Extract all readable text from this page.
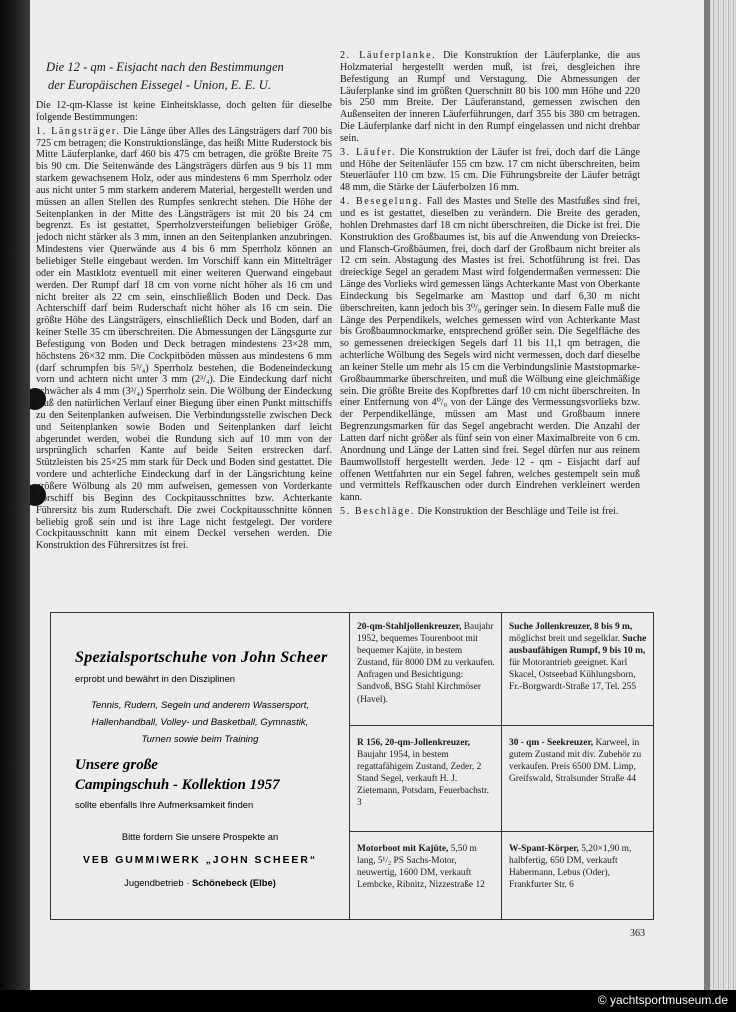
Die 12 - qm - Eisjacht nach den Bestimmungen
der Europäischen Eissegel - Union, E. E. U.

Die 12-qm-Klasse ist keine Einheitsklasse, doch gelten für dieselbe folgende Bestimmungen:

1. Längsträger. Die Länge über Alles des Längsträgers darf 700 bis 725 cm betragen; die Konstruktionslänge, das heißt Mitte Ruderstock bis Mitte Läuferplanke, darf 460 bis 475 cm betragen, die größte Breite 75 bis 90 cm. Die Seitenwände des Längsträgers dürfen aus 9 bis 11 mm starkem gewachsenem Holz, oder aus mindestens 6 mm Sperrholz oder aus nicht unter 5 mm starkem anderem Material, hergestellt werden und müssen an allen Stellen des Rumpfes senkrecht stehen. Die Höhe der Seitenplanken in der Mitte des Längsträgers ist mit 20 bis 24 cm begrenzt. Es ist gestattet, Sperrholzversteifungen beliebiger Größe, jedoch nicht stärker als 3 mm, innen an den Seitenplanken anzubringen. Mindestens vier Querwände aus 4 bis 6 mm Sperrholz können an beliebiger Stelle eingebaut werden. Im Vorschiff kann ein Mittelträger oder ein Mastklotz eventuell mit einer weiteren Querwand eingebaut werden. Der Rumpf darf 18 cm von vorne nicht höher als 16 cm und nicht breiter als 22 cm sein, einschließlich Boden und Deck. Das Achterschiff darf beim Ruderschaft nicht höher als 16 cm sein. Die größte Höhe des Längsträgers, einschließlich Deck und Boden, darf an keiner Stelle 35 cm überschreiten. Die Abmessungen der Längsgurte zur Befestigung von Boden und Deck betragen mindestens 23×28 mm, höchstens 26×32 mm. Die Cockpitböden müssen aus mindestens 6 mm (darf schrumpfen bis 5³/₄) Sperrholz bestehen, die Bodeneindeckung vorn und achtern nicht unter 3 mm (2³/₄). Die Eindeckung darf nicht schwächer als 4 mm (3³/₄) Sperrholz sein. Die Wölbung der Eindeckung muß den natürlichen Verlauf einer Biegung über einen Punkt mittschiffs zu den Seitenplanken aufweisen. Die Verbindungsstelle zwischen Deck und Seitenplanken sowie Boden und Seitenplanken darf leicht abgerundet werden, wobei die Rundung sich auf 10 mm von der ursprünglich scharfen Kante auf beide Seiten erstrecken darf. Stützleisten bis 25×25 mm stark für Deck und Boden sind gestattet. Die vordere und achterliche Eindeckung darf in der Längsrichtung keine größere Wölbung als 20 mm aufweisen, gemessen von Vorderkante Vorschiff bis Beginn des Cockpitausschnittes bzw. Achterkante Führersitz bis zum Ruderschaft. Die zwei Cockpitausschnitte können beliebig groß sein und ist ihre Lage nicht festgelegt. Der vordere Cockpitausschnitt kann mit einem Deckel versehen werden. Die Konstruktion des Führersitzes ist frei.

2. Läuferplanke. Die Konstruktion der Läuferplanke, die aus Holzmaterial hergestellt werden muß, ist frei, desgleichen ihre Befestigung an Rumpf und Verstagung. Die Abmessungen der Läuferplanke sind im größten Querschnitt 80 bis 100 mm Höhe und 220 bis 250 mm Breite. Der Läuferanstand, gemessen zwischen den Außenseiten der inneren Läuferführungen, darf 355 bis 380 cm betragen. Die Läuferplanke darf nicht in den Rumpf eingelassen und nicht drehbar sein.

3. Läufer. Die Konstruktion der Läufer ist frei, doch darf die Länge und Höhe der Seitenläufer 155 cm bzw. 17 cm nicht überschreiten, beim Steuerläufer 110 cm bzw. 15 cm. Die Führungsbreite der Läufer beträgt 48 mm, die Stärke der Läuferbolzen 16 mm.

4. Besegelung. Fall des Mastes und Stelle des Mastfußes sind frei, und es ist gestattet, dieselben zu verändern. Die Breite des geraden, hohlen Drehmastes darf 18 cm nicht überschreiten, die Dicke ist frei. Die Konstruktion des Großbaumes ist, bis auf die Anwendung von Dreiecks- und Flansch-Großbäumen, frei, doch darf der Großbaum nicht breiter als 12 cm sein. Abstagung des Mastes ist frei. Schotführung ist frei. Das dreieckige Segel an geradem Mast wird folgendermaßen vermessen: Die Länge des Vorlieks wird gemessen längs Achterkante Mast von Oberkante Eindeckung bis Segelmarke am Masttop und darf 6,30 m nicht überschreiten, kann jedoch bis 3⁰/₀ geringer sein. In diesem Falle muß die Länge des Perpendikels, welches gemessen wird von Achterkante Mast bis Großbaumnockmarke, entsprechend größer sein. Die Segelfläche des so gemessenen dreieckigen Segels darf 11 bis 11,1 qm betragen, die achterliche Wölbung des Segels wird nicht vermessen, doch darf dieselbe an keiner Stelle um mehr als 15 cm die Verbindungslinie Maststopmarke-Großbaummarke überschreiten, und muß die Wölbung eine gleichmäßige sein. Die größte Breite des Kopfbrettes darf 10 cm nicht überschreiten. In einer Entfernung von 4⁰/₀ von der Länge des Vermessungsvorlieks bzw. der Perpendikellänge, müssen am Mast und Großbaum innere Begrenzungsmarken für das Segel angebracht werden. Die Anzahl der Latten darf nicht größer als fünf sein von einer Maximalbreite von 6 cm. Anordnung und Länge der Latten sind frei. Segel dürfen nur aus reinem Baumwollstoff hergestellt werden. Jede 12 - qm - Eisjacht darf auf offenen Wettfahrten nur ein Segel fahren, welches gestempelt sein muß und vermittels Reffkauschen oder durch Eindrehen verkleinert werden kann.

5. Beschläge. Die Konstruktion der Beschläge und Teile ist frei.

Spezialsportschuhe von John Scheer
erprobt und bewährt in den Disziplinen
Tennis, Rudern, Segeln und anderem Wassersport,
Hallenhandball, Volley- und Basketball, Gymnastik,
Turnen sowie beim Training
Unsere große
Campingschuh - Kollektion 1957
sollte ebenfalls Ihre Aufmerksamkeit finden
Bitte fordern Sie unsere Prospekte an
VEB GUMMIWERK „JOHN SCHEER“
Jugendbetrieb · Schönebeck (Elbe)
20-qm-Stahljollenkreuzer, Baujahr 1952, bequemes Tourenboot mit bequemer Kajüte, in bestem Zustand, für 8000 DM zu verkaufen. Anfragen und Besichtigung: Sandvoß, BSG Stahl Kirchmöser (Havel).
Suche Jollenkreuzer, 8 bis 9 m, möglichst breit und segelklar. Suche ausbaufähigen Rumpf, 9 bis 10 m, für Motorantrieb geeignet. Karl Skacel, Ostseebad Kühlungsborn, Fr.-Borgwardt-Straße 17, Tel. 255
R 156, 20-qm-Jollenkreuzer, Baujahr 1954, in bestem regattafähigem Zustand, Zeder, 2 Stand Segel, verkauft H. J. Zietemann, Potsdam, Feuerbachstr. 3
30 - qm - Seekreuzer, Karweel, in gutem Zustand mit div. Zubehör zu verkaufen. Preis 6500 DM. Limp, Greifswald, Stralsunder Straße 44
Motorboot mit Kajüte, 5,50 m lang, 5¹/₂ PS Sachs-Motor, neuwertig, 1600 DM, verkauft Lembcke, Ribnitz, Nizzestraße 12
W-Spant-Körper, 5,20×1,90 m, halbfertig, 650 DM, verkauft Habermann, Lebus (Oder), Frankfurter Str. 6
363
© yachtsportmuseum.de
